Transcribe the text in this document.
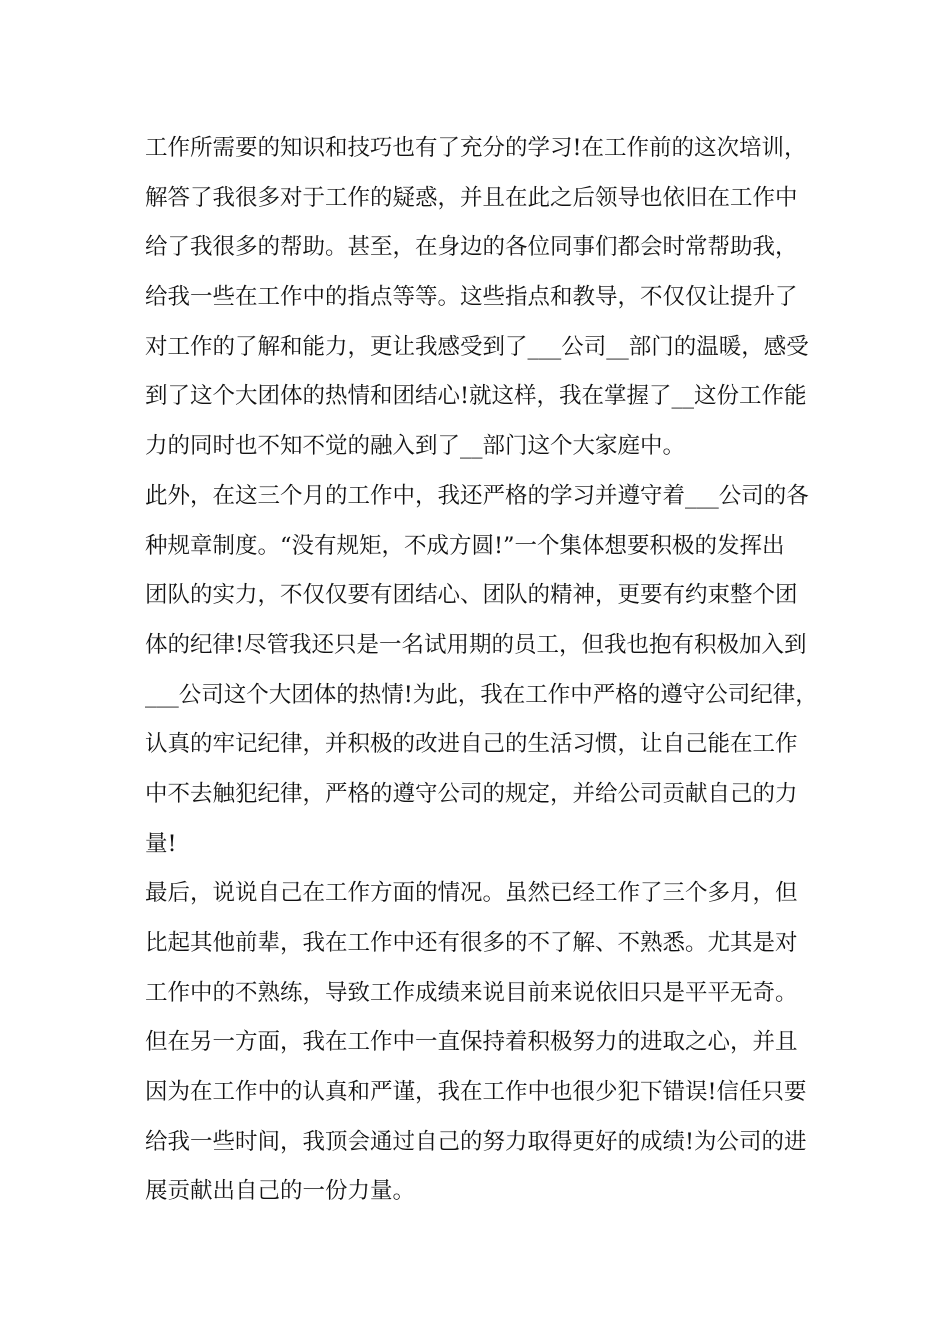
工作所需要的知识和技巧也有了充分的学习!在工作前的这次培训，
解答了我很多对于工作的疑惑，并且在此之后领导也依旧在工作中
给了我很多的帮助。甚至，在身边的各位同事们都会时常帮助我，
给我一些在工作中的指点等等。这些指点和教导，不仅仅让提升了
对工作的了解和能力，更让我感受到了___公司__部门的温暖，感受
到了这个大团体的热情和团结心!就这样，我在掌握了__这份工作能
力的同时也不知不觉的融入到了__部门这个大家庭中。
此外，在这三个月的工作中，我还严格的学习并遵守着___公司的各
种规章制度。“没有规矩，不成方圆!”一个集体想要积极的发挥出
团队的实力，不仅仅要有团结心、团队的精神，更要有约束整个团
体的纪律!尽管我还只是一名试用期的员工，但我也抱有积极加入到
___公司这个大团体的热情!为此，我在工作中严格的遵守公司纪律，
认真的牢记纪律，并积极的改进自己的生活习惯，让自己能在工作
中不去触犯纪律，严格的遵守公司的规定，并给公司贡献自己的力
量!
最后，说说自己在工作方面的情况。虽然已经工作了三个多月，但
比起其他前辈，我在工作中还有很多的不了解、不熟悉。尤其是对
工作中的不熟练，导致工作成绩来说目前来说依旧只是平平无奇。
但在另一方面，我在工作中一直保持着积极努力的进取之心，并且
因为在工作中的认真和严谨，我在工作中也很少犯下错误!信任只要
给我一些时间，我顶会通过自己的努力取得更好的成绩!为公司的进
展贡献出自己的一份力量。
